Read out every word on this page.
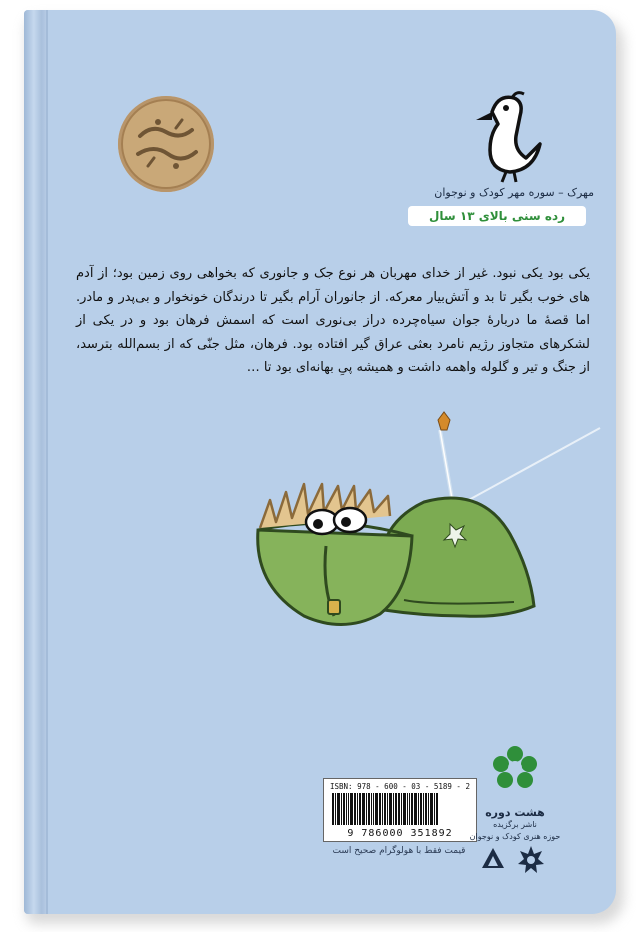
مهرک – سوره مهر کودک و نوجوان
رده سنی بالای ۱۳ سال
یکی بود یکی نبود. غیر از خدای مهربان هر نوع جک و جانوری که بخواهی روی زمین بود؛ از آدم های خوب بگیر تا بد و آتش‌بیار معرکه. از جانوران آرام بگیر تا درندگان خونخوار و بی‌پدر و مادر. اما قصهٔ ما دربارهٔ جوان سیاه‌چرده دراز بی‌نوری است که اسمش فرهان بود و در یکی از لشکرهای متجاوز رژیم نامرد بعثی عراق گیر افتاده بود. فرهان، مثل جنّی که از بسم‌الله بترسد، از جنگ و تیر و گلوله واهمه داشت و همیشه پیِ بهانه‌ای بود تا …
ISBN: 978 - 600 - 03 - 5189 - 2
9 786000 351892
قیمت فقط با هولوگرام صحیح است
هشت دوره
ناشر برگزیده
حوزه هنری کودک و نوجوان
